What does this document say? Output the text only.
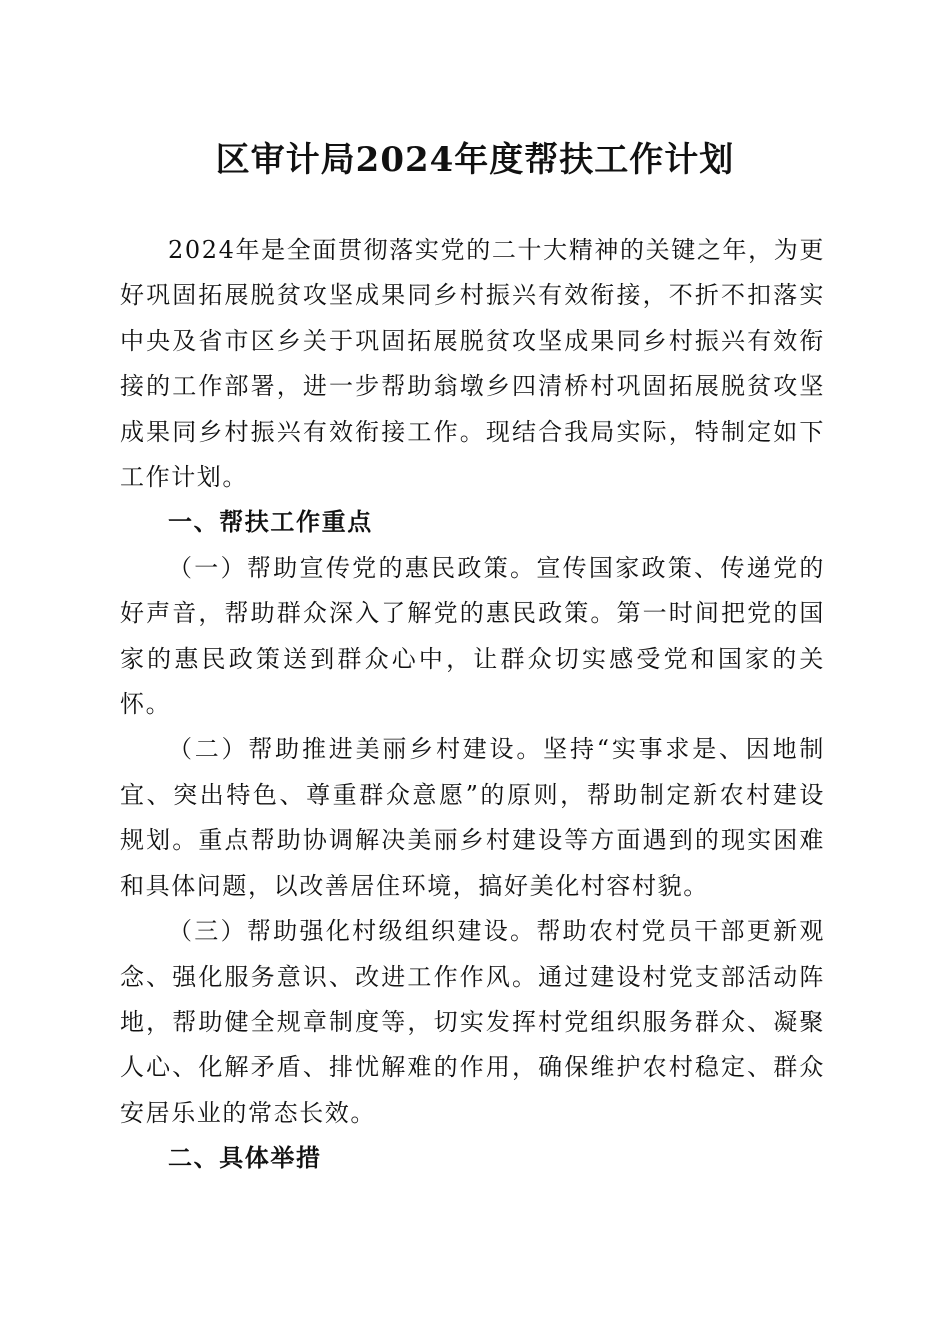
区审计局2024年度帮扶工作计划

2024年是全面贯彻落实党的二十大精神的关键之年，为更好巩固拓展脱贫攻坚成果同乡村振兴有效衔接，不折不扣落实中央及省市区乡关于巩固拓展脱贫攻坚成果同乡村振兴有效衔接的工作部署，进一步帮助翁墩乡四清桥村巩固拓展脱贫攻坚成果同乡村振兴有效衔接工作。现结合我局实际，特制定如下工作计划。

一、帮扶工作重点

（一）帮助宣传党的惠民政策。宣传国家政策、传递党的好声音，帮助群众深入了解党的惠民政策。第一时间把党的国家的惠民政策送到群众心中，让群众切实感受党和国家的关怀。

（二）帮助推进美丽乡村建设。坚持“实事求是、因地制宜、突出特色、尊重群众意愿”的原则，帮助制定新农村建设规划。重点帮助协调解决美丽乡村建设等方面遇到的现实困难和具体问题，以改善居住环境，搞好美化村容村貌。

（三）帮助强化村级组织建设。帮助农村党员干部更新观念、强化服务意识、改进工作作风。通过建设村党支部活动阵地，帮助健全规章制度等，切实发挥村党组织服务群众、凝聚人心、化解矛盾、排忧解难的作用，确保维护农村稳定、群众安居乐业的常态长效。

二、具体举措
